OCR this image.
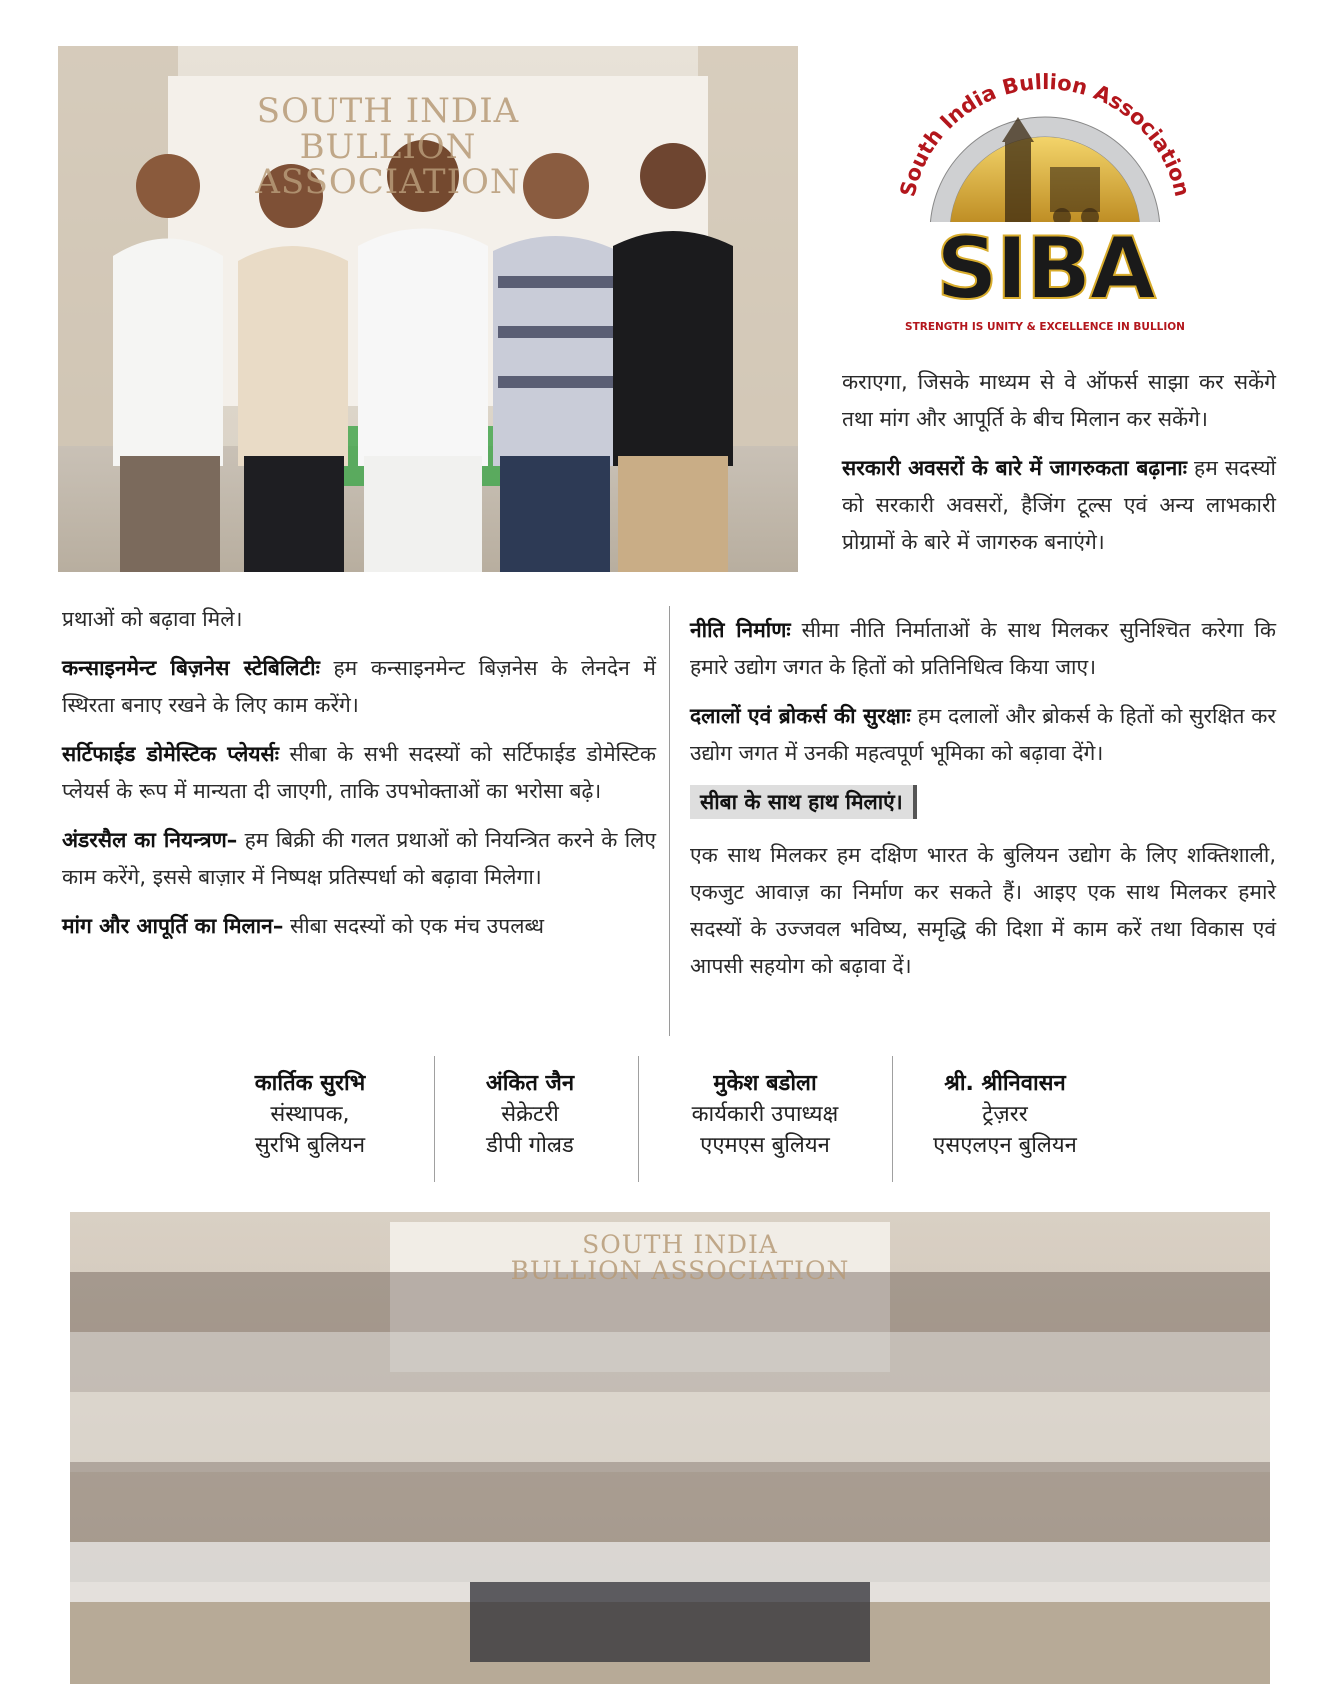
SOUTH INDIA
BULLION ASSOCIATION	South India Bullion Association
SIBA
STRENGTH IS UNITY & EXCELLENCE IN BULLION

कराएगा, जिसके माध्यम से वे ऑफर्स साझा कर सकेंगे तथा मांग और आपूर्ति के बीच मिलान कर सकेंगे।

सरकारी अवसरों के बारे में जागरुकता बढ़ानाः हम सदस्यों को सरकारी अवसरों, हैजिंग टूल्स एवं अन्य लाभकारी प्रोग्रामों के बारे में जागरुक बनाएंगे।

प्रथाओं को बढ़ावा मिले।

कन्साइनमेन्ट बिज़नेस स्टेबिलिटीः हम कन्साइनमेन्ट बिज़नेस के लेनदेन में स्थिरता बनाए रखने के लिए काम करेंगे।

सर्टिफाईड डोमेस्टिक प्लेयर्सः सीबा के सभी सदस्यों को सर्टिफाईड डोमेस्टिक प्लेयर्स के रूप में मान्यता दी जाएगी, ताकि उपभोक्ताओं का भरोसा बढ़े।

अंडरसैल का नियन्त्रण– हम बिक्री की गलत प्रथाओं को नियन्त्रित करने के लिए काम करेंगे, इससे बाज़ार में निष्पक्ष प्रतिस्पर्धा को बढ़ावा मिलेगा।

मांग और आपूर्ति का मिलान– सीबा सदस्यों को एक मंच उपलब्ध

नीति निर्माणः सीमा नीति निर्माताओं के साथ मिलकर सुनिश्चित करेगा कि हमारे उद्योग जगत के हितों को प्रतिनिधित्व किया जाए।

दलालों एवं ब्रोकर्स की सुरक्षाः हम दलालों और ब्रोकर्स के हितों को सुरक्षित कर उद्योग जगत में उनकी महत्वपूर्ण भूमिका को बढ़ावा देंगे।

सीबा के साथ हाथ मिलाएं।

एक साथ मिलकर हम दक्षिण भारत के बुलियन उद्योग के लिए शक्तिशाली, एकजुट आवाज़ का निर्माण कर सकते हैं। आइए एक साथ मिलकर हमारे सदस्यों के उज्जवल भविष्य, समृद्धि की दिशा में काम करें तथा विकास एवं आपसी सहयोग को बढ़ावा दें।

कार्तिक सुरभि
संस्थापक,
सुरभि बुलियन
अंकित जैन
सेक्रेटरी
डीपी गोल्रड
मुकेश बडोला
कार्यकारी उपाध्यक्ष
एएमएस बुलियन
श्री. श्रीनिवासन
ट्रेज़रर
एसएलएन बुलियन
SOUTH INDIA
BULLION ASSOCIATION
